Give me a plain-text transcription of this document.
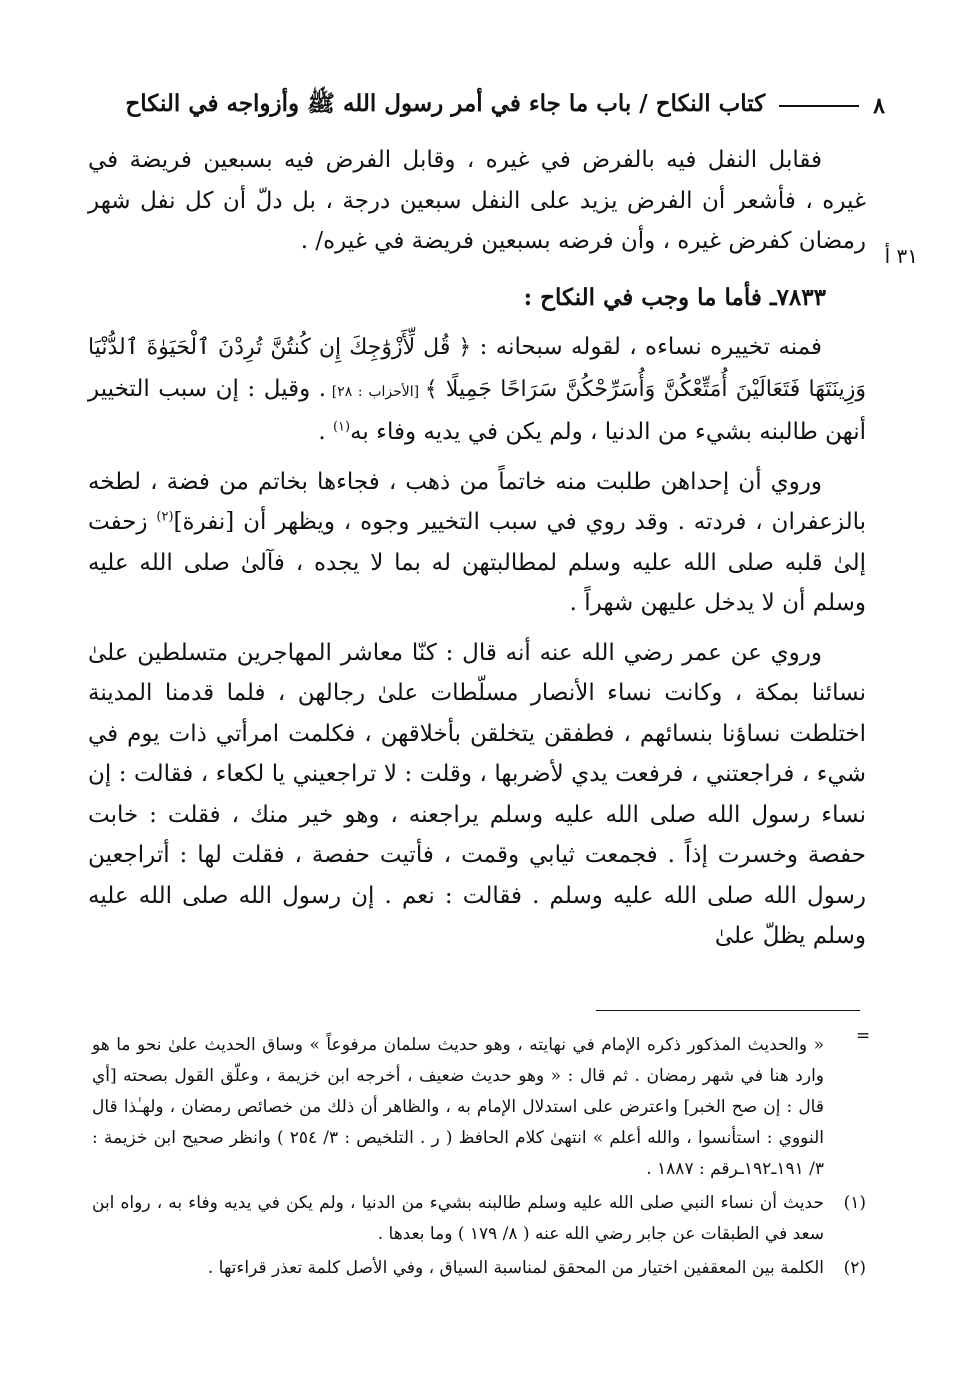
٨
كتاب النكاح / باب ما جاء في أمر رسول الله ﷺ وأزواجه في النكاح
٣١ أ

فقابل النفل فيه بالفرض في غيره ، وقابل الفرض فيه بسبعين فريضة في غيره ، فأشعر أن الفرض يزيد على النفل سبعين درجة ، بل دلّ أن كل نفل شهر رمضان كفرض غيره ، وأن فرضه بسبعين فريضة في غيره/ .

٧٨٣٣ـ فأما ما وجب في النكاح :

فمنه تخييره نساءه ، لقوله سبحانه : ﴿ قُل لِّأَزْوَٰجِكَ إِن كُنتُنَّ تُرِدْنَ ٱلْحَيَوٰةَ ٱلدُّنْيَا وَزِينَتَهَا فَتَعَالَيْنَ أُمَتِّعْكُنَّ وَأُسَرِّحْكُنَّ سَرَاحًا جَمِيلًا ﴾ [الأحزاب : ٢٨] . وقيل : إن سبب التخيير أنهن طالبنه بشيء من الدنيا ، ولم يكن في يديه وفاء به$^{(١)}$ .

وروي أن إحداهن طلبت منه خاتماً من ذهب ، فجاءها بخاتم من فضة ، لطخه بالزعفران ، فردته . وقد روي في سبب التخيير وجوه ، ويظهر أن [نفرة]$^{(٢)}$ زحفت إلىٰ قلبه صلى الله عليه وسلم لمطالبتهن له بما لا يجده ، فآلىٰ صلى الله عليه وسلم أن لا يدخل عليهن شهراً .

وروي عن عمر رضي الله عنه أنه قال : كنّا معاشر المهاجرين متسلطين علىٰ نسائنا بمكة ، وكانت نساء الأنصار مسلّطات علىٰ رجالهن ، فلما قدمنا المدينة اختلطت نساؤنا بنسائهم ، فطفقن يتخلقن بأخلاقهن ، فكلمت امرأتي ذات يوم في شيء ، فراجعتني ، فرفعت يدي لأضربها ، وقلت : لا تراجعيني يا لكعاء ، فقالت : إن نساء رسول الله صلى الله عليه وسلم يراجعنه ، وهو خير منك ، فقلت : خابت حفصة وخسرت إذاً . فجمعت ثيابي وقمت ، فأتيت حفصة ، فقلت لها : أتراجعين رسول الله صلى الله عليه وسلم . فقالت : نعم . إن رسول الله صلى الله عليه وسلم يظلّ علىٰ

=
« والحديث المذكور ذكره الإمام في نهايته ، وهو حديث سلمان مرفوعاً » وساق الحديث علىٰ نحو ما هو وارد هنا في شهر رمضان . ثم قال : « وهو حديث ضعيف ، أخرجه ابن خزيمة ، وعلّق القول بصحته [أي قال : إن صح الخبر] واعترض على استدلال الإمام به ، والظاهر أن ذلك من خصائص رمضان ، ولهـٰذا قال النووي : استأنسوا ، والله أعلم » انتهىٰ كلام الحافظ ( ر . التلخيص : ٣/ ٢٥٤ ) وانظر صحيح ابن خزيمة : ٣/ ١٩١ـ١٩٢ـرقم : ١٨٨٧ .
(١)
حديث أن نساء النبي صلى الله عليه وسلم طالبنه بشيء من الدنيا ، ولم يكن في يديه وفاء به ، رواه ابن سعد في الطبقات عن جابر رضي الله عنه ( ٨/ ١٧٩ ) وما بعدها .
(٢)
الكلمة بين المعقفين اختيار من المحقق لمناسبة السياق ، وفي الأصل كلمة تعذر قراءتها .
